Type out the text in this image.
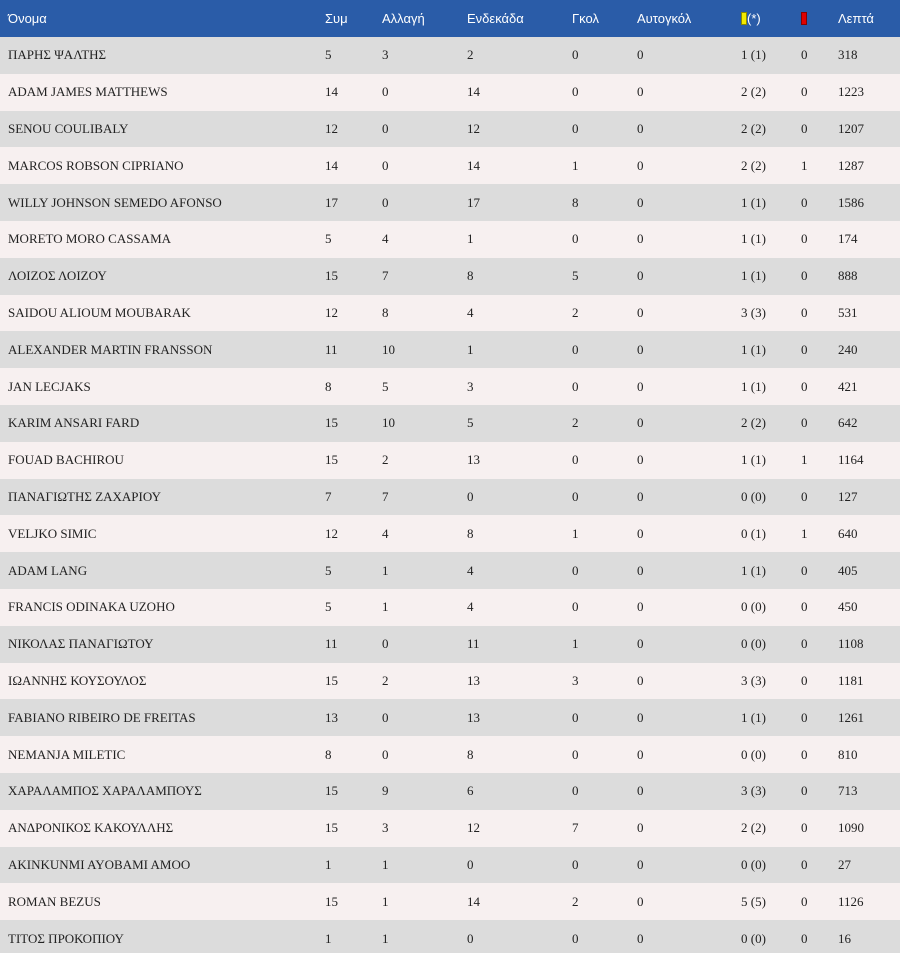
Όνομα	Συμ	Αλλαγή	Ενδεκάδα	Γκολ	Αυτογκόλ	(*)		Λεπτά
ΠΑΡΗΣ ΨΑΛΤΗΣ	5	3	2	0	0	1 (1)	0	318
ADAM JAMES MATTHEWS	14	0	14	0	0	2 (2)	0	1223
SENOU COULIBALY	12	0	12	0	0	2 (2)	0	1207
MARCOS ROBSON CIPRIANO	14	0	14	1	0	2 (2)	1	1287
WILLY JOHNSON SEMEDO AFONSO	17	0	17	8	0	1 (1)	0	1586
MORETO MORO CASSAMA	5	4	1	0	0	1 (1)	0	174
ΛΟΙΖΟΣ ΛΟΙΖΟΥ	15	7	8	5	0	1 (1)	0	888
SAIDOU ALIOUM MOUBARAK	12	8	4	2	0	3 (3)	0	531
ALEXANDER MARTIN FRANSSON	11	10	1	0	0	1 (1)	0	240
JAN LECJAKS	8	5	3	0	0	1 (1)	0	421
KARIM ANSARI FARD	15	10	5	2	0	2 (2)	0	642
FOUAD BACHIROU	15	2	13	0	0	1 (1)	1	1164
ΠΑΝΑΓΙΩΤΗΣ ΖΑΧΑΡΙΟΥ	7	7	0	0	0	0 (0)	0	127
VELJKO SIMIC	12	4	8	1	0	0 (1)	1	640
ADAM LANG	5	1	4	0	0	1 (1)	0	405
FRANCIS ODINAKA UZOHO	5	1	4	0	0	0 (0)	0	450
ΝΙΚΟΛΑΣ ΠΑΝΑΓΙΩΤΟΥ	11	0	11	1	0	0 (0)	0	1108
ΙΩΑΝΝΗΣ ΚΟΥΣΟΥΛΟΣ	15	2	13	3	0	3 (3)	0	1181
FABIANO RIBEIRO DE FREITAS	13	0	13	0	0	1 (1)	0	1261
NEMANJA MILETIC	8	0	8	0	0	0 (0)	0	810
ΧΑΡΑΛΑΜΠΟΣ ΧΑΡΑΛΑΜΠΟΥΣ	15	9	6	0	0	3 (3)	0	713
ΑΝΔΡΟΝΙΚΟΣ ΚΑΚΟΥΛΛΗΣ	15	3	12	7	0	2 (2)	0	1090
AKINKUNMI AYOBAMI AMOO	1	1	0	0	0	0 (0)	0	27
ROMAN BEZUS	15	1	14	2	0	5 (5)	0	1126
ΤΙΤΟΣ ΠΡΟΚΟΠΙΟΥ	1	1	0	0	0	0 (0)	0	16
